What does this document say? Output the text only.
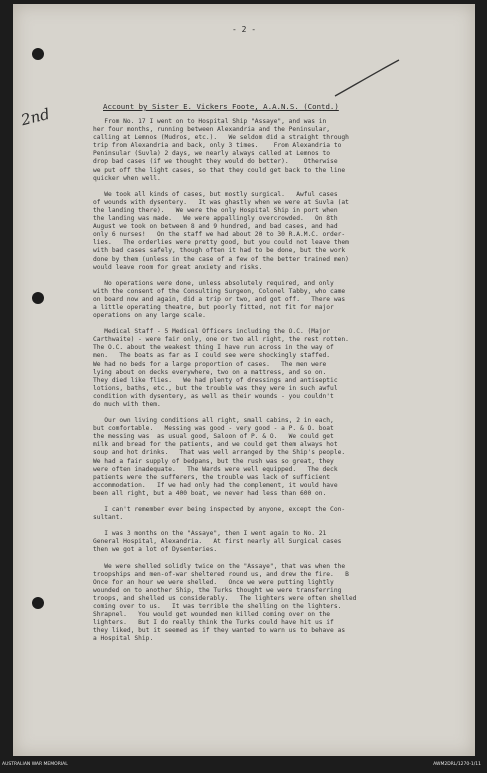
- 2 -
2nd	Account by Sister E. Vickers Foote, A.A.N.S. (Contd.)

From No. 17 I went on to Hospital Ship "Assaye", and was in
her four months, running between Alexandria and the Peninsular,
calling at Lemnos (Mudros, etc.).   We seldom did a straight through
trip from Alexandria and back, only 3 times.    From Alexandria to
Peninsular (Suvla) 2 days, we nearly always called at Lemnos to
drop bad cases (if we thought they would do better).    Otherwise
we put off the light cases, so that they could get back to the line
quicker when well.

We took all kinds of cases, but mostly surgical.   Awful cases
of wounds with dysentery.   It was ghastly when we were at Suvla (at
the landing there).   We were the only Hospital Ship in port when
the landing was made.   We were appallingly overcrowded.   On 8th
August we took on between 8 and 9 hundred, and bad cases, and had
only 6 nurses!   On the staff we had about 20 to 30 R.A.M.C. order-
lies.   The orderlies were pretty good, but you could not leave them
with bad cases safely, though often it had to be done, but the work
done by them (unless in the case of a few of the better trained men)
would leave room for great anxiety and risks.

No operations were done, unless absolutely required, and only
with the consent of the Consulting Surgeon, Colonel Tabby, who came
on board now and again, did a trip or two, and got off.   There was
a little operating theatre, but poorly fitted, not fit for major
operations on any large scale.

Medical Staff - 5 Medical Officers including the O.C. (Major
Carthwaite) - were fair only, one or two all right, the rest rotten.
The O.C. about the weakest thing I have run across in the way of
men.   The boats as far as I could see were shockingly staffed.
We had no beds for a large proportion of cases.   The men were
lying about on decks everywhere, two on a mattress, and so on.
They died like flies.   We had plenty of dressings and antiseptic
lotions, baths, etc., but the trouble was they were in such awful
condition with dysentery, as well as their wounds - you couldn't
do much with them.

Our own living conditions all right, small cabins, 2 in each,
but comfortable.   Messing was good - very good - a P. & O. boat
the messing was  as usual good, Saloon of P. & O.   We could get
milk and bread for the patients, and we could get them always hot
soup and hot drinks.   That was well arranged by the Ship's people.
We had a fair supply of bedpans, but the rush was so great, they
were often inadequate.   The Wards were well equipped.   The deck
patients were the sufferers, the trouble was lack of sufficient
accommodation.   If we had only had the complement, it would have
been all right, but a 400 boat, we never had less than 600 on.

I can't remember ever being inspected by anyone, except the Con-
sultant.

I was 3 months on the "Assaye", then I went again to No. 21
General Hospital, Alexandria.   At first nearly all Surgical cases
then we got a lot of Dysenteries.

We were shelled solidly twice on the "Assaye", that was when the
troopships and men-of-war sheltered round us, and drew the fire.   B
Once for an hour we were shelled.   Once we were putting lightly
wounded on to another Ship, the Turks thought we were transferring
troops, and shelled us considerably.   The lighters were often shelled
coming over to us.   It was terrible the shelling on the lighters.
Shrapnel.   You would get wounded men killed coming over on the
lighters.   But I do really think the Turks could have hit us if
they liked, but it seemed as if they wanted to warn us to behave as
a Hospital Ship.

AUSTRALIAN WAR MEMORIAL	AWM2DRL/1270-1/11
